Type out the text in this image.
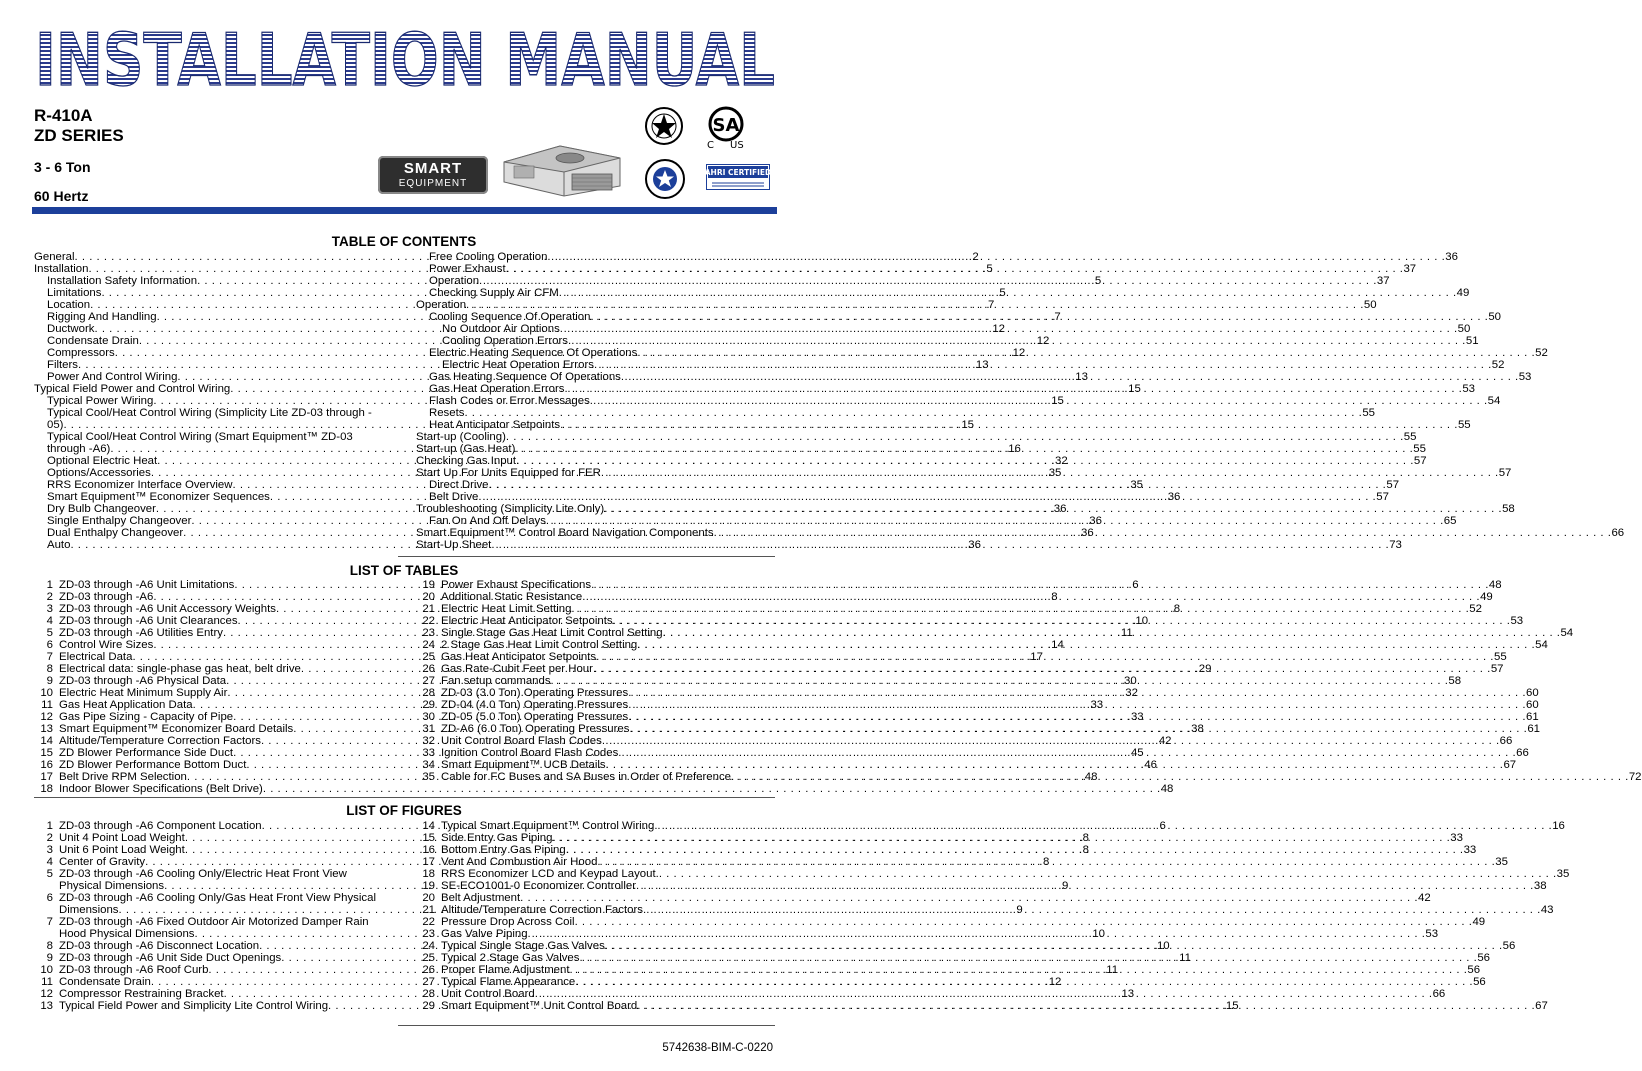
INSTALLATION MANUAL
R-410A
ZD SERIES
3 - 6 Ton
60 Hertz
SMART
EQUIPMENT
SA
C US
AHRI CERTIFIED
TABLE OF CONTENTS
General . . .	2
Installation . . .	5
Installation Safety Information . . .	5
Limitations . . .	5
Location . . .	7
Rigging And Handling . . .	7
Ductwork . . .	12
Condensate Drain . . .	12
Compressors . . .	12
Filters . . .	13
Power And Control Wiring . . .	13
Typical Field Power and Control Wiring . . .	15
Typical Power Wiring . . .	15
Typical Cool/Heat Control Wiring (Simplicity Lite ZD-03 through -
05) . . .	15
Typical Cool/Heat Control Wiring (Smart Equipment™ ZD-03
through -A6) . . .	16
Optional Electric Heat . . .	32
Options/Accessories . . .	35
RRS Economizer Interface Overview . . .	35
Smart Equipment™ Economizer Sequences . . .	36
Dry Bulb Changeover . . .	36
Single Enthalpy Changeover . . .	36
Dual Enthalpy Changeover . . .	36
Auto . . .	36
Free Cooling Operation . . .	36
Power Exhaust . . .	37
Operation . . .	37
Checking Supply Air CFM . . .	49
Operation . . .	50
Cooling Sequence Of Operation . . .	50
No Outdoor Air Options . . .	50
Cooling Operation Errors . . .	51
Electric Heating Sequence Of Operations . . .	52
Electric Heat Operation Errors . . .	52
Gas Heating Sequence Of Operations . . .	53
Gas Heat Operation Errors . . .	53
Flash Codes or Error Messages . . .	54
Resets . . .	55
Heat Anticipator Setpoints . . .	55
Start-up (Cooling) . . .	55
Start-up (Gas Heat) . . .	55
Checking Gas Input . . .	57
Start Up For Units Equipped for FER . . .	57
Direct Drive . . .	57
Belt Drive . . .	57
Troubleshooting (Simplicity Lite Only) . . .	58
Fan On And Off Delays . . .	65
Smart Equipment™ Control Board Navigation Components . . .	66
Start-Up Sheet . . .	73
LIST OF TABLES
1 ZD-03 through -A6 Unit Limitations . . .	6
2 ZD-03 through -A6 . . .	8
3 ZD-03 through -A6 Unit Accessory Weights . . .	8
4 ZD-03 through -A6 Unit Clearances . . .	10
5 ZD-03 through -A6 Utilities Entry . . .	11
6 Control Wire Sizes . . .	14
7 Electrical Data . . .	17
8 Electrical data: single-phase gas heat, belt drive . . .	29
9 ZD-03 through -A6 Physical Data . . .	30
10 Electric Heat Minimum Supply Air . . .	32
11 Gas Heat Application Data . . .	33
12 Gas Pipe Sizing - Capacity of Pipe . . .	33
13 Smart Equipment™ Economizer Board Details . . .	38
14 Altitude/Temperature Correction Factors . . .	42
15 ZD Blower Performance Side Duct . . .	45
16 ZD Blower Performance Bottom Duct . . .	46
17 Belt Drive RPM Selection . . .	48
18 Indoor Blower Specifications (Belt Drive) . . .	48
19 Power Exhaust Specifications . . .	48
20 Additional Static Resistance . . .	49
21 Electric Heat Limit Setting . . .	52
22 Electric Heat Anticipator Setpoints . . .	53
23 Single Stage Gas Heat Limit Control Setting . . .	54
24 2 Stage Gas Heat Limit Control Setting . . .	54
25 Gas Heat Anticipator Setpoints . . .	55
26 Gas Rate-Cubit Feet per Hour . . .	57
27 Fan setup commands . . .	58
28 ZD-03 (3.0 Ton) Operating Pressures . . .	60
29 ZD-04 (4.0 Ton) Operating Pressures . . .	60
30 ZD-05 (5.0 Ton) Operating Pressures . . .	61
31 ZD-A6 (6.0 Ton) Operating Pressures . . .	61
32 Unit Control Board Flash Codes . . .	66
33 Ignition Control Board Flash Codes . . .	66
34 Smart Equipment™ UCB Details . . .	67
35 Cable for FC Buses and SA Buses in Order of Preference . . .	72
LIST OF FIGURES
1 ZD-03 through -A6 Component Location . . .	6
2 Unit 4 Point Load Weight . . .	8
3 Unit 6 Point Load Weight . . .	8
4 Center of Gravity . . .	8
5 ZD-03 through -A6 Cooling Only/Electric Heat Front View
Physical Dimensions . . .	9
6 ZD-03 through -A6 Cooling Only/Gas Heat Front View Physical
Dimensions . . .	9
7 ZD-03 through -A6 Fixed Outdoor Air Motorized Damper Rain
Hood Physical Dimensions . . .	10
8 ZD-03 through -A6 Disconnect Location . . .	10
9 ZD-03 through -A6 Unit Side Duct Openings . . .	11
10 ZD-03 through -A6 Roof Curb . . .	11
11 Condensate Drain . . .	12
12 Compressor Restraining Bracket . . .	13
13 Typical Field Power and Simplicity Lite Control Wiring . . .	15
14 Typical Smart Equipment™ Control Wiring . . .	16
15 Side Entry Gas Piping . . .	33
16 Bottom Entry Gas Piping . . .	33
17 Vent And Combustion Air Hood . . .	35
18 RRS Economizer LCD and Keypad Layout. . . .	35
19 SE-ECO1001-0 Economizer Controller . . .	38
20 Belt Adjustment . . .	42
21 Altitude/Temperature Correction Factors . . .	43
22 Pressure Drop Across Coil . . .	49
23 Gas Valve Piping . . .	53
24 Typical Single Stage Gas Valves . . .	56
25 Typical 2 Stage Gas Valves . . .	56
26 Proper Flame Adjustment . . .	56
27 Typical Flame Appearance . . .	56
28 Unit Control Board . . .	66
29 Smart Equipment™ Unit Control Board . . .	67
5742638-BIM-C-0220
